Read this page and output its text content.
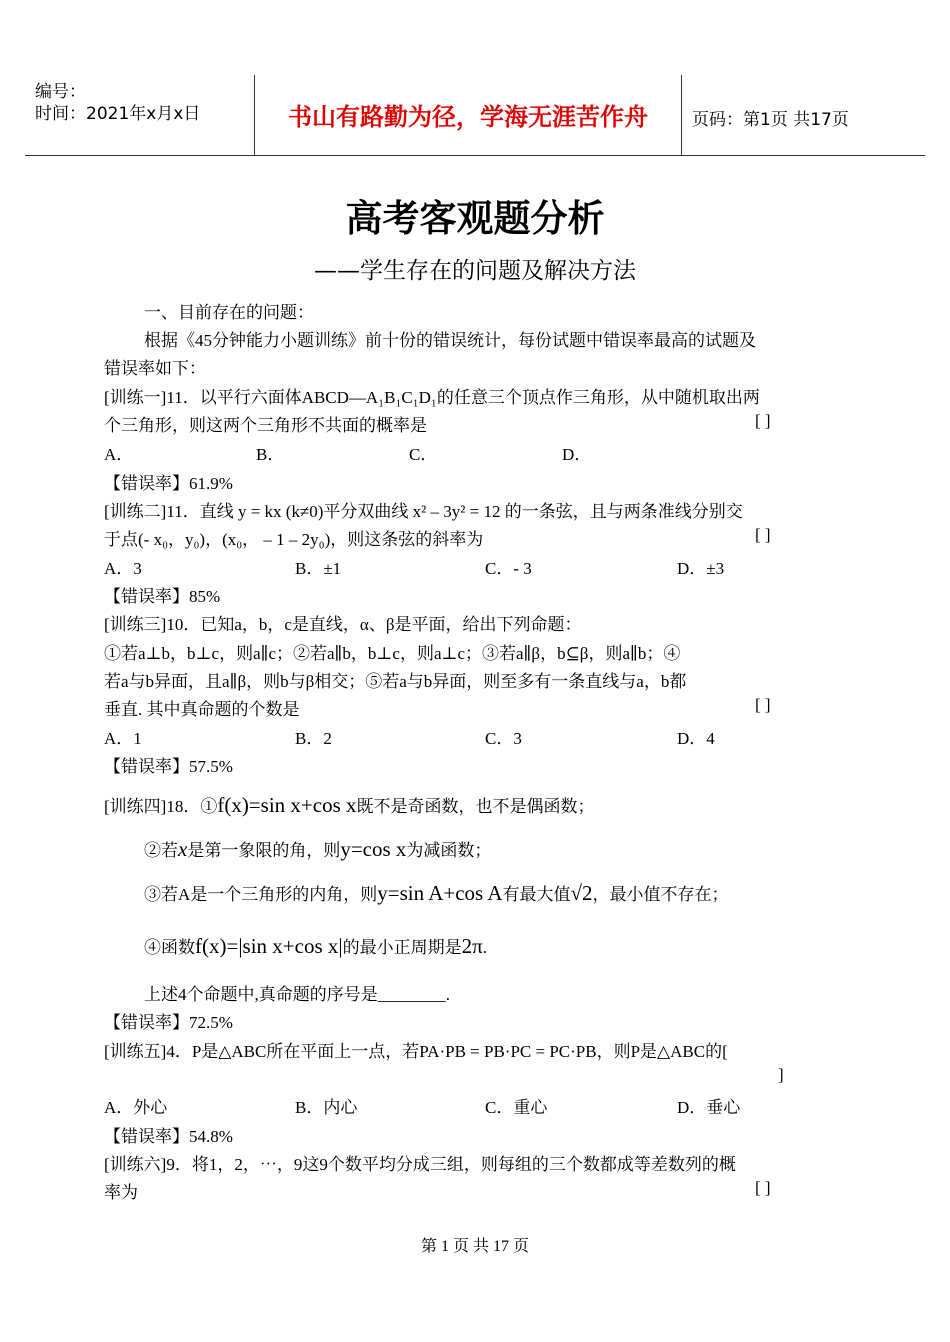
编号：
时间：2021年x月x日	书山有路勤为径，学海无涯苦作舟	页码：第1页 共17页
高考客观题分析
——学生存在的问题及解决方法
一、目前存在的问题：
根据《45分钟能力小题训练》前十份的错误统计，每份试题中错误率最高的试题及
错误率如下：
[训练一]11．以平行六面体ABCD—A₁B₁C₁D₁的任意三个顶点作三角形，从中随机取出两
个三角形，则这两个三角形不共面的概率是	[ ]
A．	B．	C．	D．
【错误率】61.9%
[训练二]11．直线 y = kx (k≠0)平分双曲线 x² – 3y² = 12 的一条弦，且与两条准线分别交
于点(- x₀，y₀)，(x₀， – 1 – 2y₀)，则这条弦的斜率为	[ ]
A．3	B．±1	C．- 3	D．±3
【错误率】85%
[训练三]10．已知a，b，c是直线，α、β是平面，给出下列命题：
①若a⊥b，b⊥c，则a∥c；②若a∥b，b⊥c，则a⊥c；③若a∥β，b⊆β，则a∥b；④
若a与b异面，且a∥β，则b与β相交；⑤若a与b异面，则至多有一条直线与a，b都
垂直. 其中真命题的个数是	[ ]
A．1	B．2	C．3	D．4
【错误率】57.5%
[训练四]18．①f(x)=sin x+cos x既不是奇函数，也不是偶函数；
②若x是第一象限的角，则y=cos x为减函数；
③若A是一个三角形的内角，则y=sin A+cos A有最大值√2，最小值不存在；
④函数f(x)=|sin x+cos x|的最小正周期是2π.
上述4个命题中,真命题的序号是________.
【错误率】72.5%
[训练五]4．P是△ABC所在平面上一点，若PA·PB = PB·PC = PC·PB，则P是△ABC的[
]
A．外心	B．内心	C．重心	D．垂心
【错误率】54.8%
[训练六]9．将1，2，⋯，9这9个数平均分成三组，则每组的三个数都成等差数列的概
率为	[ ]
第 1 页 共 17 页
